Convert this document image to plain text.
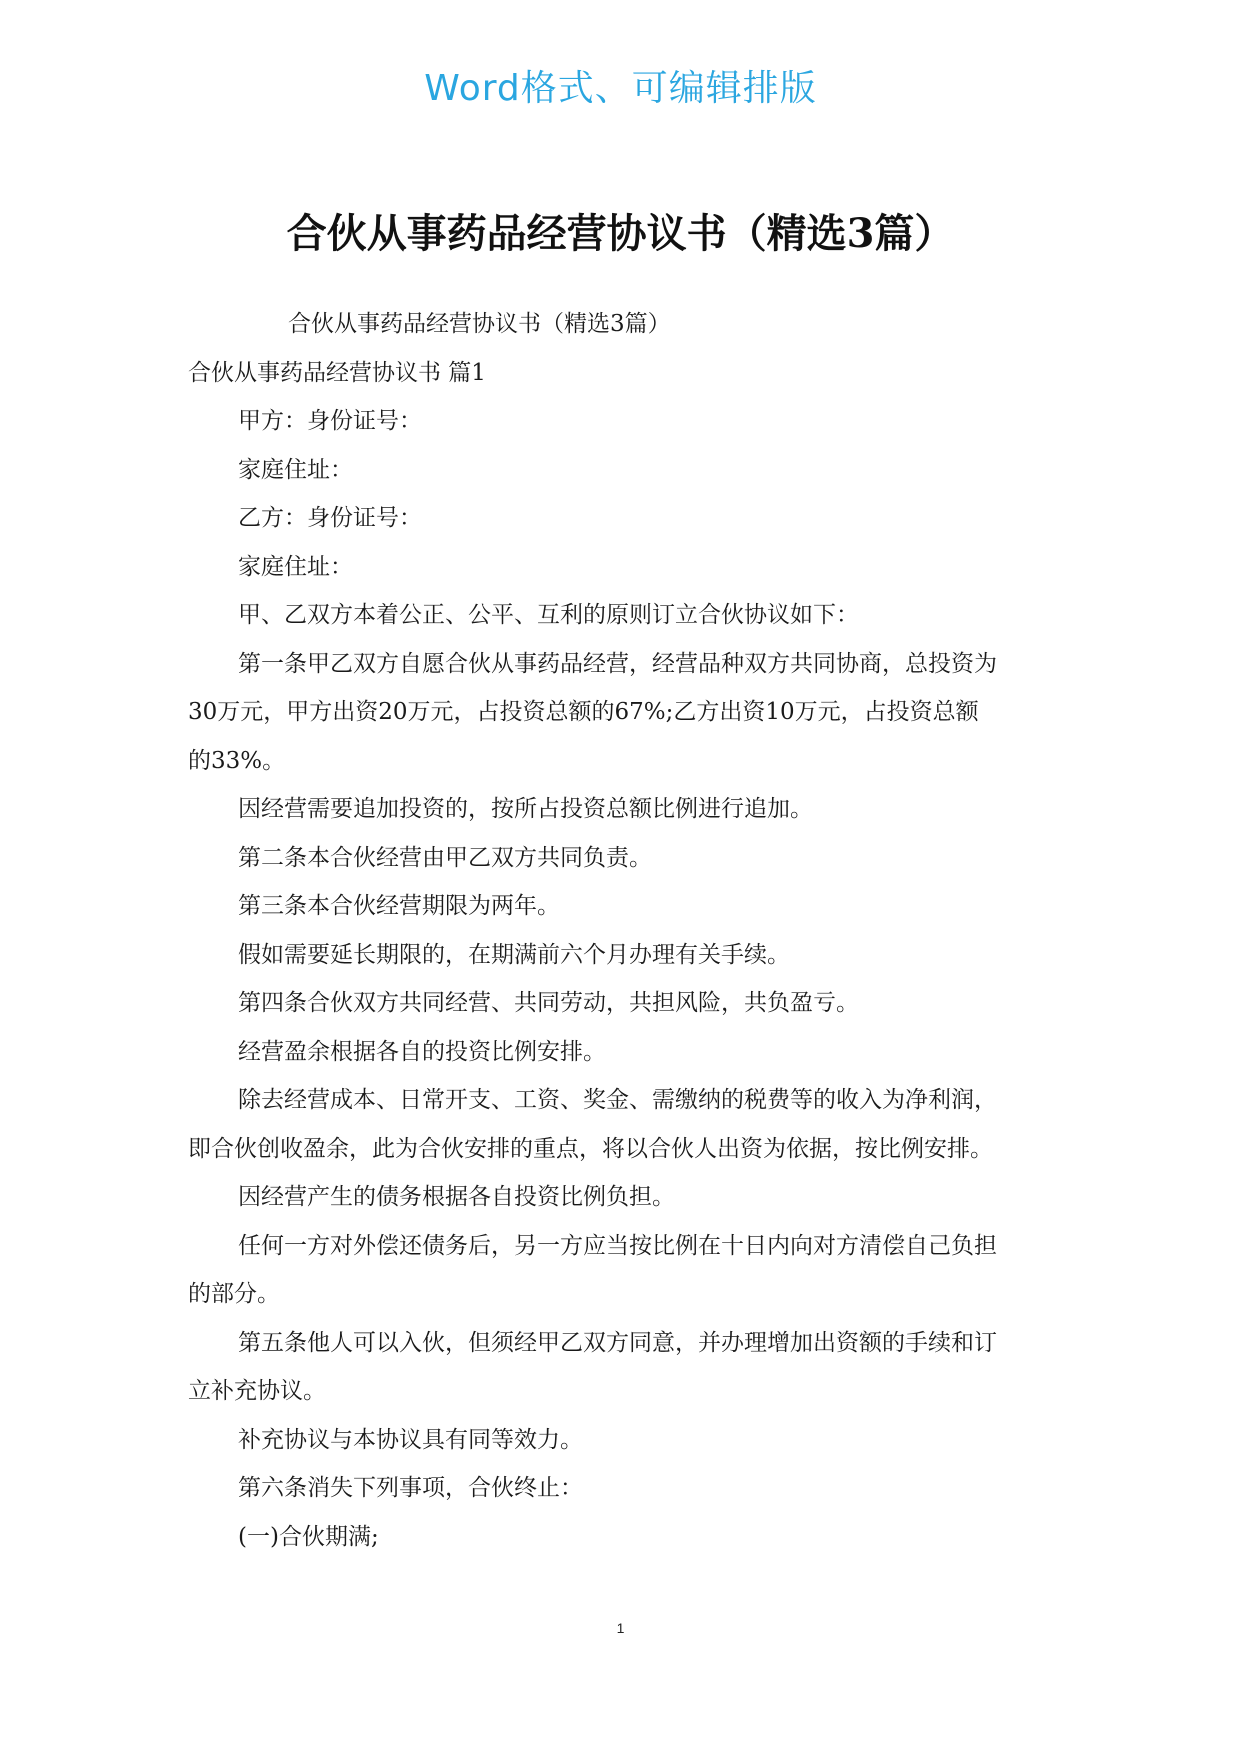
Word格式、可编辑排版
合伙从事药品经营协议书（精选3篇）
合伙从事药品经营协议书（精选3篇）
合伙从事药品经营协议书 篇1
甲方：身份证号：
家庭住址：
乙方：身份证号：
家庭住址：
甲、乙双方本着公正、公平、互利的原则订立合伙协议如下：
第一条甲乙双方自愿合伙从事药品经营，经营品种双方共同协商，总投资为
30万元，甲方出资20万元，占投资总额的67%;乙方出资10万元，占投资总额
的33%。
因经营需要追加投资的，按所占投资总额比例进行追加。
第二条本合伙经营由甲乙双方共同负责。
第三条本合伙经营期限为两年。
假如需要延长期限的，在期满前六个月办理有关手续。
第四条合伙双方共同经营、共同劳动，共担风险，共负盈亏。
经营盈余根据各自的投资比例安排。
除去经营成本、日常开支、工资、奖金、需缴纳的税费等的收入为净利润，
即合伙创收盈余，此为合伙安排的重点，将以合伙人出资为依据，按比例安排。
因经营产生的债务根据各自投资比例负担。
任何一方对外偿还债务后，另一方应当按比例在十日内向对方清偿自己负担
的部分。
第五条他人可以入伙，但须经甲乙双方同意，并办理增加出资额的手续和订
立补充协议。
补充协议与本协议具有同等效力。
第六条消失下列事项，合伙终止：
(一)合伙期满;
1
